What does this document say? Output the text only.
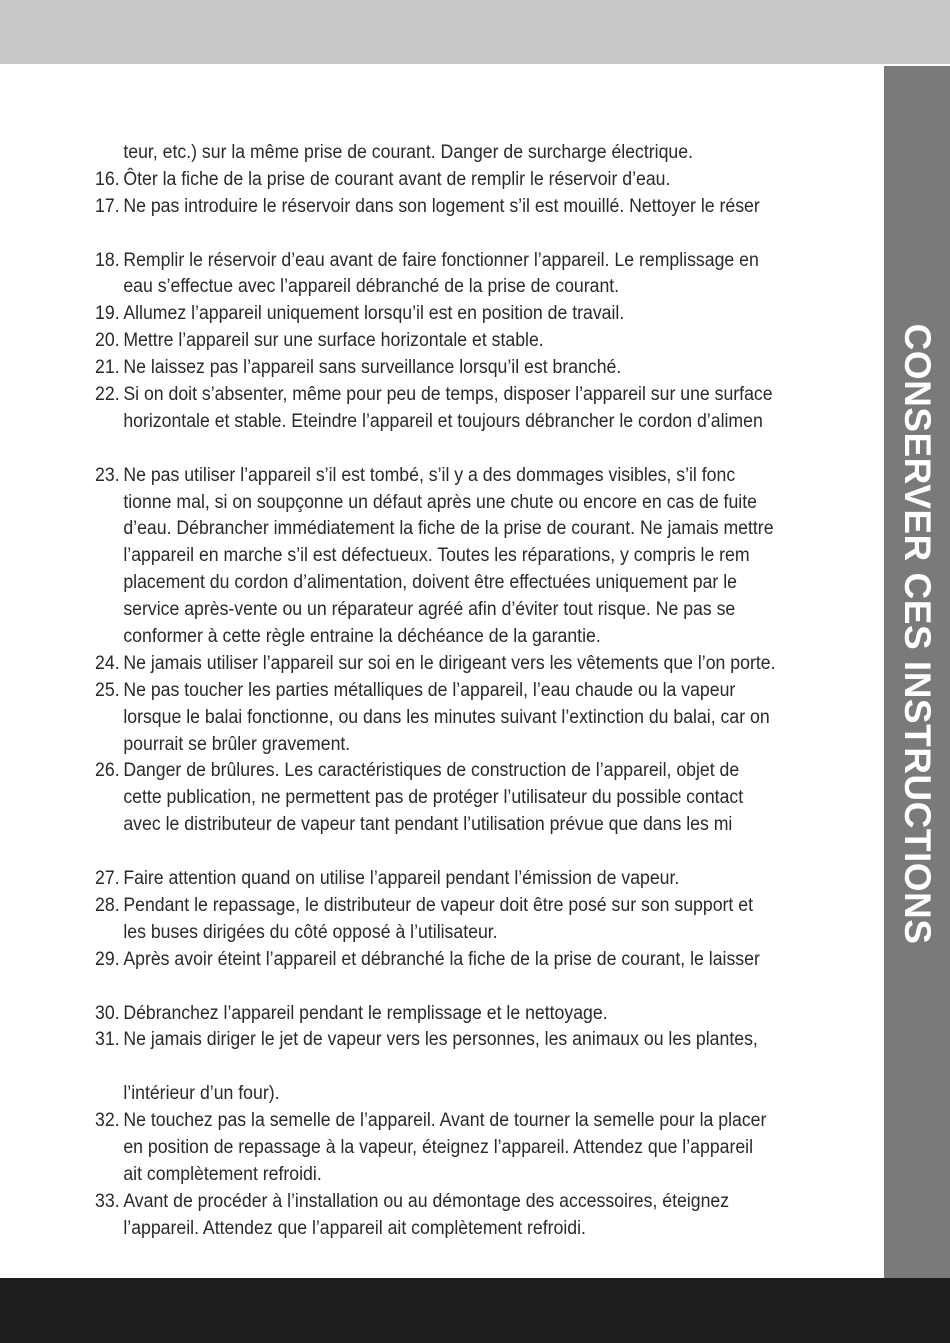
CONSERVER CES INSTRUCTIONS
teur, etc.) sur la même prise de courant. Danger de surcharge électrique.
16. Ôter la fiche de la prise de courant avant de remplir le réservoir d’eau.
17. Ne pas introduire le réservoir dans son logement s’il est mouillé. Nettoyer le réser
18. Remplir le réservoir d’eau avant de faire fonctionner l’appareil. Le remplissage en
eau s’effectue avec l’appareil débranché de la prise de courant.
19. Allumez l’appareil uniquement lorsqu’il est en position de travail.
20. Mettre l’appareil sur une surface horizontale et stable.
21. Ne laissez pas l’appareil sans surveillance lorsqu’il est branché.
22. Si on doit s’absenter, même pour peu de temps, disposer l’appareil sur une surface
horizontale et stable. Eteindre l’appareil et toujours débrancher le cordon d’alimen
23. Ne pas utiliser l’appareil s’il est tombé, s’il y a des dommages visibles, s’il fonc
tionne mal, si on soupçonne un défaut après une chute ou encore en cas de fuite
d’eau. Débrancher immédiatement la fiche de la prise de courant. Ne jamais mettre
l’appareil en marche s’il est défectueux. Toutes les réparations, y compris le rem
placement du cordon d’alimentation, doivent être effectuées uniquement par le
service après-vente ou un réparateur agréé afin d’éviter tout risque. Ne pas se
conformer à cette règle entraine la déchéance de la garantie.
24. Ne jamais utiliser l’appareil sur soi en le dirigeant vers les vêtements que l’on porte.
25. Ne pas toucher les parties métalliques de l’appareil, l’eau chaude ou la vapeur
lorsque le balai fonctionne, ou dans les minutes suivant l’extinction du balai, car on
pourrait se brûler gravement.
26. Danger de brûlures. Les caractéristiques de construction de l’appareil, objet de
cette publication, ne permettent pas de protéger l’utilisateur du possible contact
avec le distributeur de vapeur tant pendant l’utilisation prévue que dans les mi
27. Faire attention quand on utilise l’appareil pendant l’émission de vapeur.
28. Pendant le repassage, le distributeur de vapeur doit être posé sur son support et
les buses dirigées du côté opposé à l’utilisateur.
29. Après avoir éteint l’appareil et débranché la fiche de la prise de courant, le laisser
30. Débranchez l’appareil pendant le remplissage et le nettoyage.
31. Ne jamais diriger le jet de vapeur vers les personnes, les animaux ou les plantes,
l’intérieur d’un four).
32. Ne touchez pas la semelle de l’appareil. Avant de tourner la semelle pour la placer
en position de repassage à la vapeur, éteignez l’appareil. Attendez que l’appareil
ait complètement refroidi.
33. Avant de procéder à l’installation ou au démontage des accessoires, éteignez
l’appareil. Attendez que l’appareil ait complètement refroidi.
